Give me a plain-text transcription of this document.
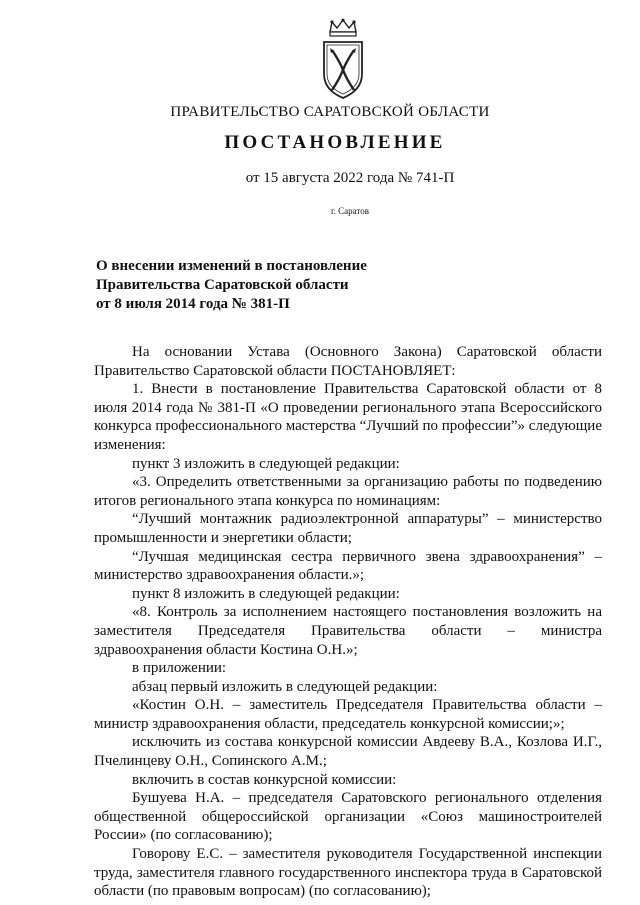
ПРАВИТЕЛЬСТВО САРАТОВСКОЙ ОБЛАСТИ
ПОСТАНОВЛЕНИЕ
от 15 августа 2022 года № 741-П
г. Саратов
О внесении изменений в постановление
Правительства Саратовской области
от 8 июля 2014 года № 381-П

На основании Устава (Основного Закона) Саратовской области Правительство Саратовской области ПОСТАНОВЛЯЕТ:

1. Внести в постановление Правительства Саратовской области от 8 июля 2014 года № 381-П «О проведении регионального этапа Всероссийского конкурса профессионального мастерства “Лучший по профессии”» следующие изменения:

пункт 3 изложить в следующей редакции:

«3. Определить ответственными за организацию работы по подведению итогов регионального этапа конкурса по номинациям:

“Лучший монтажник радиоэлектронной аппаратуры” – министерство промышленности и энергетики области;

“Лучшая медицинская сестра первичного звена здравоохранения” – министерство здравоохранения области.»;

пункт 8 изложить в следующей редакции:

«8. Контроль за исполнением настоящего постановления возложить на заместителя Председателя Правительства области – министра здравоохранения области Костина О.Н.»;

в приложении:

абзац первый изложить в следующей редакции:

«Костин О.Н. – заместитель Председателя Правительства области – министр здравоохранения области, председатель конкурсной комиссии;»;

исключить из состава конкурсной комиссии Авдееву В.А., Козлова И.Г., Пчелинцеву О.Н., Сопинского А.М.;

включить в состав конкурсной комиссии:

Бушуева Н.А. – председателя Саратовского регионального отделения общественной общероссийской организации «Союз машиностроителей России» (по согласованию);

Говорову Е.С. – заместителя руководителя Государственной инспекции труда, заместителя главного государственного инспектора труда в Саратовской области (по правовым вопросам) (по согласованию);
